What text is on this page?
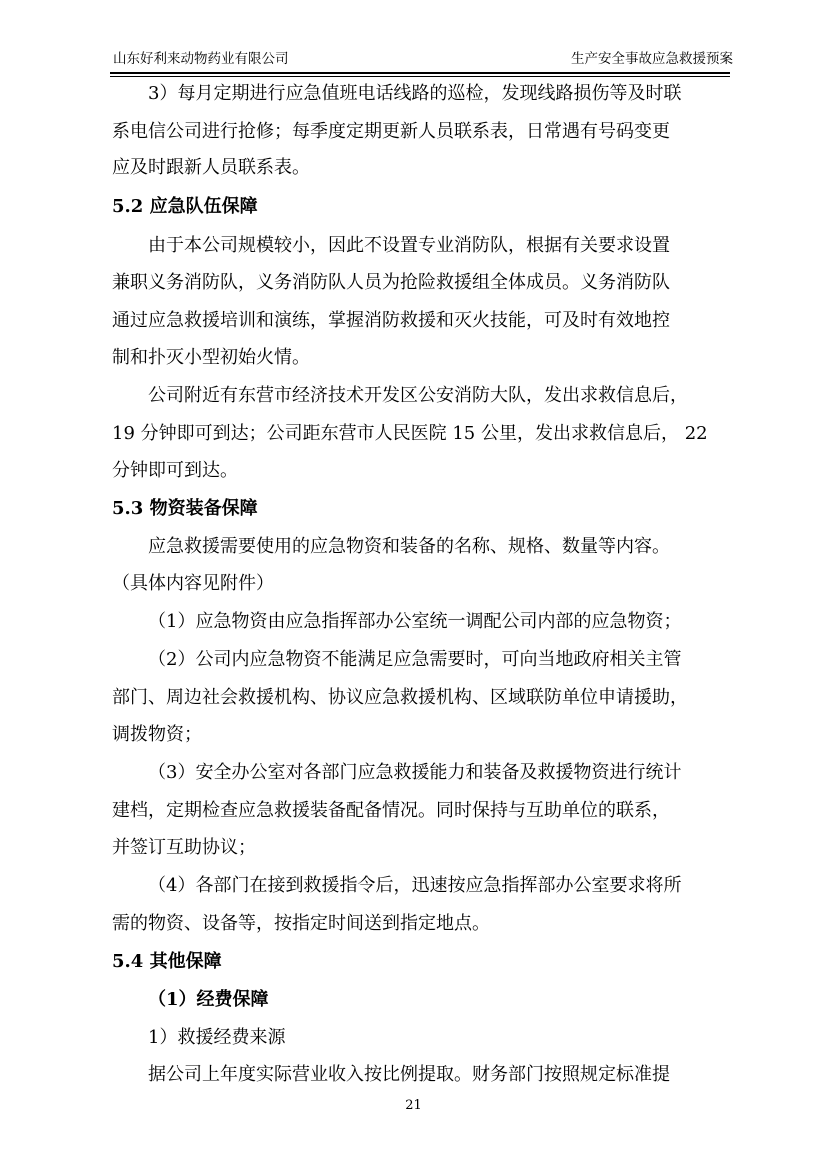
山东好利来动物药业有限公司	生产安全事故应急救援预案
3）每月定期进行应急值班电话线路的巡检，发现线路损伤等及时联
系电信公司进行抢修；每季度定期更新人员联系表，日常遇有号码变更
应及时跟新人员联系表。
5.2 应急队伍保障
由于本公司规模较小，因此不设置专业消防队，根据有关要求设置
兼职义务消防队，义务消防队人员为抢险救援组全体成员。义务消防队
通过应急救援培训和演练，掌握消防救援和灭火技能，可及时有效地控
制和扑灭小型初始火情。
公司附近有东营市经济技术开发区公安消防大队，发出求救信息后，
19 分钟即可到达；公司距东营市人民医院 15 公里，发出求救信息后， 22
分钟即可到达。
5.3 物资装备保障
应急救援需要使用的应急物资和装备的名称、规格、数量等内容。
（具体内容见附件）
（1）应急物资由应急指挥部办公室统一调配公司内部的应急物资；
（2）公司内应急物资不能满足应急需要时，可向当地政府相关主管
部门、周边社会救援机构、协议应急救援机构、区域联防单位申请援助，
调拨物资；
（3）安全办公室对各部门应急救援能力和装备及救援物资进行统计
建档，定期检查应急救援装备配备情况。同时保持与互助单位的联系，
并签订互助协议；
（4）各部门在接到救援指令后，迅速按应急指挥部办公室要求将所
需的物资、设备等，按指定时间送到指定地点。
5.4 其他保障
（1）经费保障
1）救援经费来源
据公司上年度实际营业收入按比例提取。财务部门按照规定标准提
21
